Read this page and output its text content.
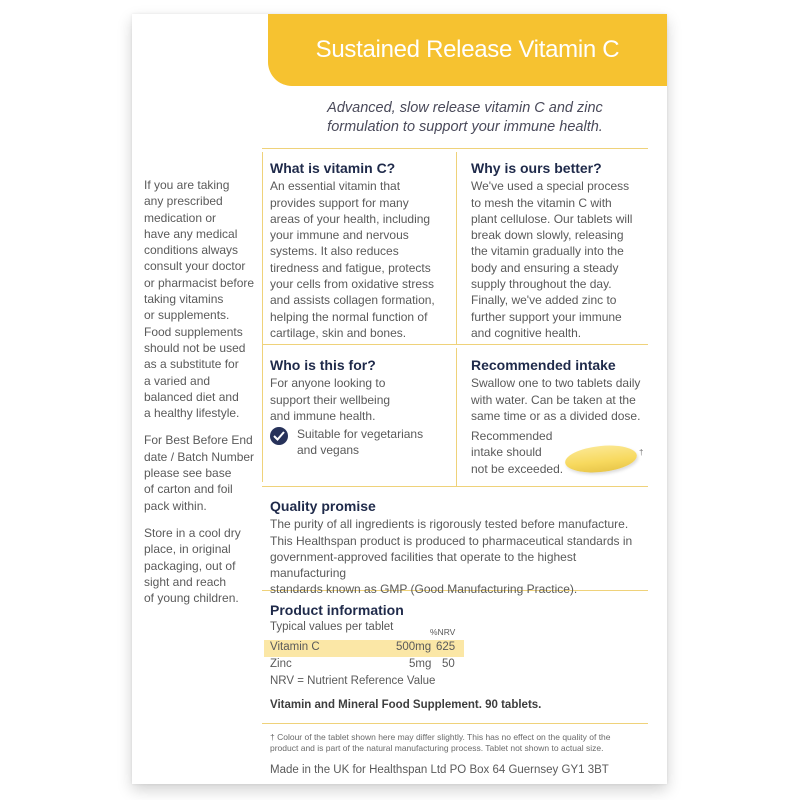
Sustained Release Vitamin C
Advanced, slow release vitamin C and zinc
formulation to support your immune health.

If you are taking
any prescribed
medication or
have any medical
conditions always
consult your doctor
or pharmacist before
taking vitamins
or supplements.
Food supplements
should not be used
as a substitute for
a varied and
balanced diet and
a healthy lifestyle.

For Best Before End
date / Batch Number
please see base
of carton and foil
pack within.

Store in a cool dry
place, in original
packaging, out of
sight and reach
of young children.

What is vitamin C?

An essential vitamin that
provides support for many
areas of your health, including
your immune and nervous
systems. It also reduces
tiredness and fatigue, protects
your cells from oxidative stress
and assists collagen formation,
helping the normal function of
cartilage, skin and bones.

Why is ours better?

We've used a special process
to mesh the vitamin C with
plant cellulose. Our tablets will
break down slowly, releasing
the vitamin gradually into the
body and ensuring a steady
supply throughout the day.
Finally, we've added zinc to
further support your immune
and cognitive health.

Who is this for?

For anyone looking to
support their wellbeing
and immune health.

Suitable for vegetarians
and vegans
Recommended intake

Swallow one to two tablets daily
with water. Can be taken at the
same time or as a divided dose.

Recommended
intake should
not be exceeded.

†
Quality promise

The purity of all ingredients is rigorously tested before manufacture.
This Healthspan product is produced to pharmaceutical standards in
government-approved facilities that operate to the highest manufacturing
standards known as GMP (Good Manufacturing Practice).

Product information
Typical values per tablet	%NRV
Vitamin C	500mg 625
Zinc	5mg 50
NRV = Nutrient Reference Value
Vitamin and Mineral Food Supplement. 90 tablets.
† Colour of the tablet shown here may differ slightly. This has no effect on the quality of the
product and is part of the natural manufacturing process. Tablet not shown to actual size.
Made in the UK for Healthspan Ltd PO Box 64 Guernsey GY1 3BT
